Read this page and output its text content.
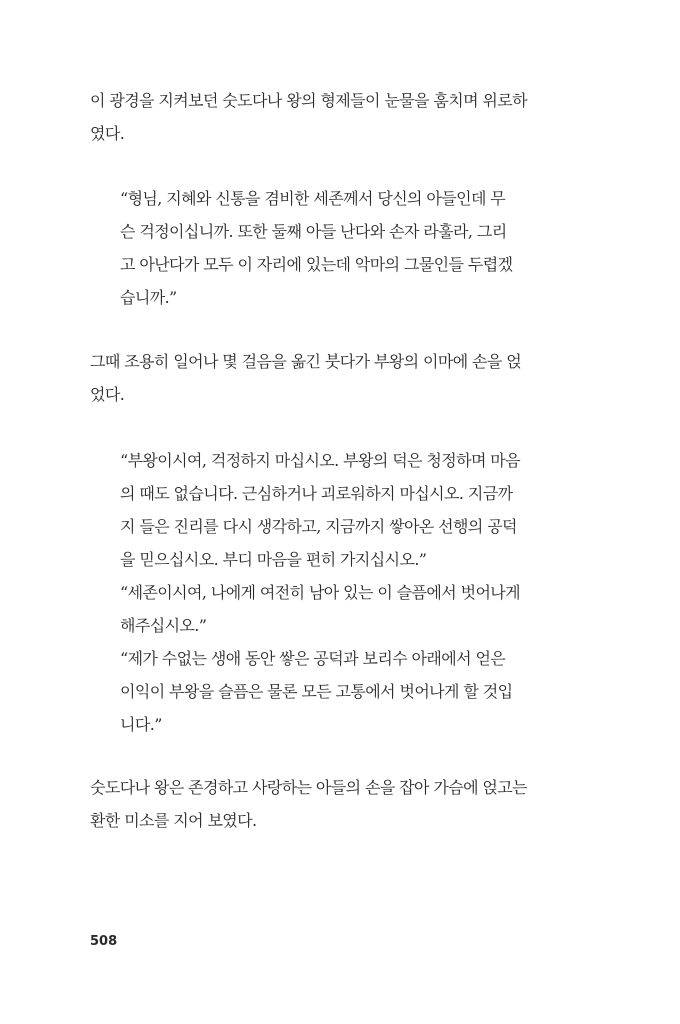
이 광경을 지켜보던 숫도다나 왕의 형제들이 눈물을 훔치며 위로하
였다.

“형님, 지혜와 신통을 겸비한 세존께서 당신의 아들인데 무
슨 걱정이십니까. 또한 둘째 아들 난다와 손자 라훌라, 그리
고 아난다가 모두 이 자리에 있는데 악마의 그물인들 두렵겠
습니까.”

그때 조용히 일어나 몇 걸음을 옮긴 붓다가 부왕의 이마에 손을 얹
었다.

“부왕이시여, 걱정하지 마십시오. 부왕의 덕은 청정하며 마음
의 때도 없습니다. 근심하거나 괴로워하지 마십시오. 지금까
지 들은 진리를 다시 생각하고, 지금까지 쌓아온 선행의 공덕
을 믿으십시오. 부디 마음을 편히 가지십시오.”
“세존이시여, 나에게 여전히 남아 있는 이 슬픔에서 벗어나게
해주십시오.”
“제가 수없는 생애 동안 쌓은 공덕과 보리수 아래에서 얻은
이익이 부왕을 슬픔은 물론 모든 고통에서 벗어나게 할 것입
니다.”

숫도다나 왕은 존경하고 사랑하는 아들의 손을 잡아 가슴에 얹고는
환한 미소를 지어 보였다.

508
